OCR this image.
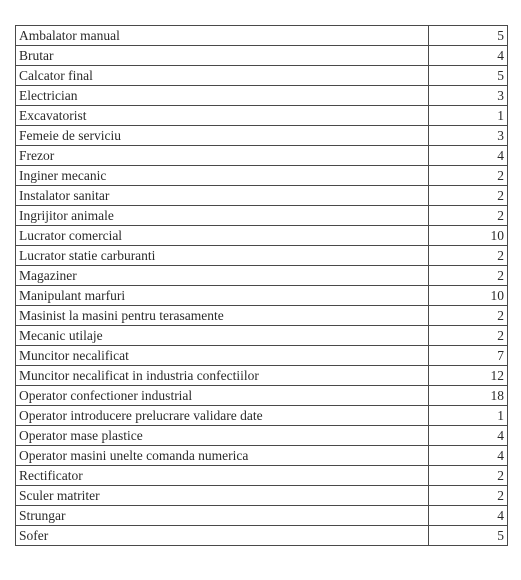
Ambalator manual	5
Brutar	4
Calcator final	5
Electrician	3
Excavatorist	1
Femeie de serviciu	3
Frezor	4
Inginer mecanic	2
Instalator sanitar	2
Ingrijitor animale	2
Lucrator comercial	10
Lucrator statie carburanti	2
Magaziner	2
Manipulant marfuri	10
Masinist la masini pentru terasamente	2
Mecanic utilaje	2
Muncitor necalificat	7
Muncitor necalificat in industria confectiilor	12
Operator confectioner industrial	18
Operator introducere prelucrare validare date	1
Operator mase plastice	4
Operator masini unelte comanda numerica	4
Rectificator	2
Sculer matriter	2
Strungar	4
Sofer	5
